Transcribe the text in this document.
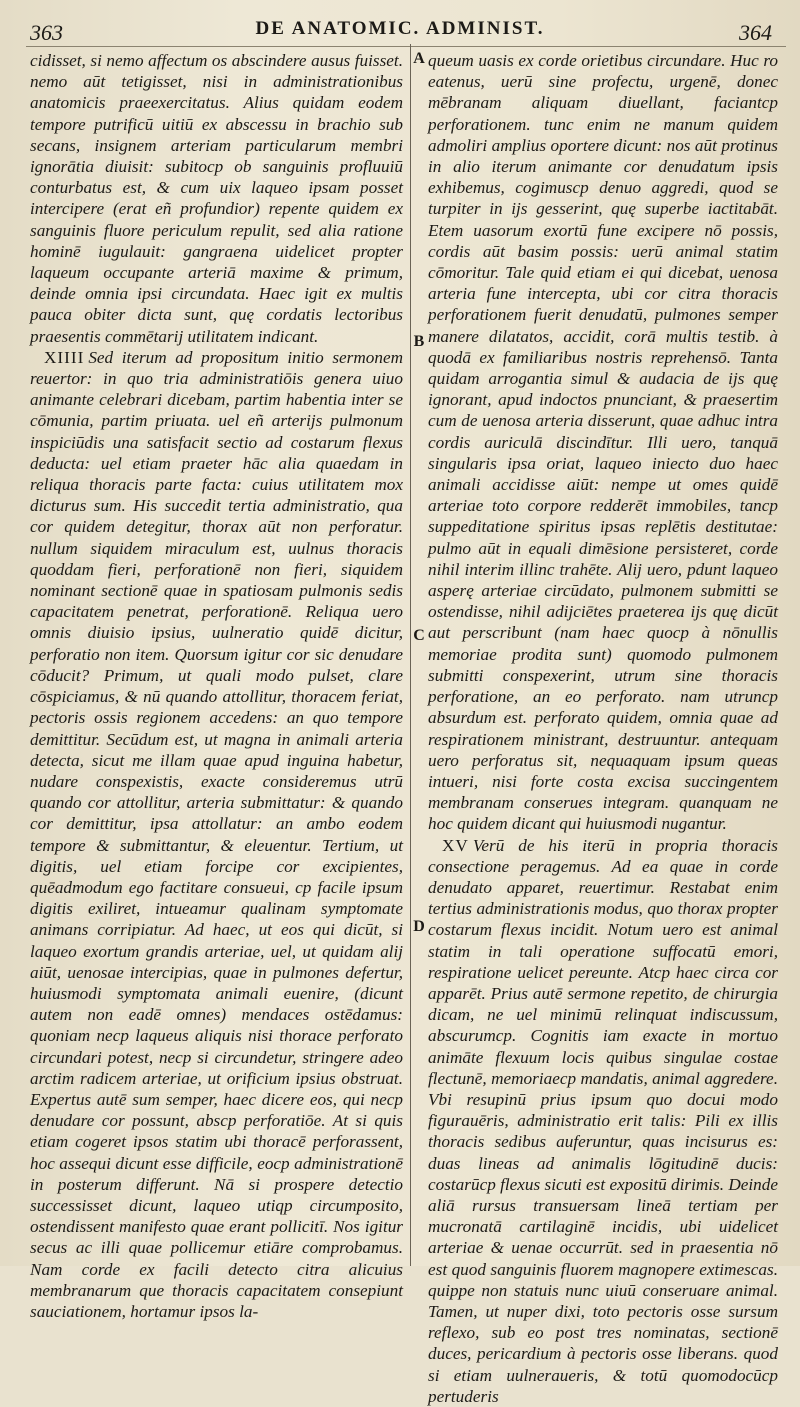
363	DE ANATOMIC. ADMINIST.	364
A
B
C
D

cidisset, si nemo affectum os abscindere ausus fuisset. nemo aūt tetigisset, nisi in administrationibus anatomicis praeexercitatus. Alius quidam eodem tempore putrificū uitiū ex abscessu in brachio sub secans, insignem arteriam particularum membri ignorātia diuisit: subitocp ob sanguinis profluuiū conturbatus est, & cum uix laqueo ipsam posset intercipere (erat eñ profundior) repente quidem ex sanguinis fluore periculum repulit, sed alia ratione hominē iugulauit: gangraena uidelicet propter laqueum occupante arteriā maxime & primum, deinde omnia ipsi circundata. Haec igit ex multis pauca obiter dicta sunt, quę cordatis lectoribus praesentis commētarij utilitatem indicant.

XIIII Sed iterum ad propositum initio sermonem reuertor: in quo tria administratiōis genera uiuo animante celebrari dicebam, partim habentia inter se cōmunia, partim priuata. uel eñ arterijs pulmonum inspiciūdis una satisfacit sectio ad costarum flexus deducta: uel etiam praeter hāc alia quaedam in reliqua thoracis parte facta: cuius utilitatem mox dicturus sum. His succedit tertia administratio, qua cor quidem detegitur, thorax aūt non perforatur. nullum siquidem miraculum est, uulnus thoracis quoddam fieri, perforationē non fieri, siquidem nominant sectionē quae in spatiosam pulmonis sedis capacitatem penetrat, perforationē. Reliqua uero omnis diuisio ipsius, uulneratio quidē dicitur, perforatio non item. Quorsum igitur cor sic denudare cōducit? Primum, ut quali modo pulset, clare cōspiciamus, & nū quando attollitur, thoracem feriat, pectoris ossis regionem accedens: an quo tempore demittitur. Secūdum est, ut magna in animali arteria detecta, sicut me illam quae apud inguina habetur, nudare conspexistis, exacte consideremus utrū quando cor attollitur, arteria submittatur: & quando cor demittitur, ipsa attollatur: an ambo eodem tempore & submittantur, & eleuentur. Tertium, ut digitis, uel etiam forcipe cor excipientes, quēadmodum ego factitare consueui, cp facile ipsum digitis exiliret, intueamur qualinam symptomate animans corripiatur. Ad haec, ut eos qui dicūt, si laqueo exortum grandis arteriae, uel, ut quidam alij aiūt, uenosae intercipias, quae in pulmones defertur, huiusmodi symptomata animali euenire, (dicunt autem non eadē omnes) mendaces ostēdamus: quoniam necp laqueus aliquis nisi thorace perforato circundari potest, necp si circundetur, stringere adeo arctim radicem arteriae, ut orificium ipsius obstruat. Expertus autē sum semper, haec dicere eos, qui necp denudare cor possunt, abscp perforatiōe. At si quis etiam cogeret ipsos statim ubi thoracē perforassent, hoc assequi dicunt esse difficile, eocp administrationē in posterum differunt. Nā si prospere detectio successisset dicunt, laqueo utiqp circumposito, ostendissent manifesto quae erant pollicitī. Nos igitur secus ac illi quae pollicemur etiāre comprobamus. Nam corde ex facili detecto citra alicuius membranarum que thoracis capacitatem consepiunt sauciationem, hortamur ipsos la-

queum uasis ex corde orietibus circundare. Huc ro eatenus, uerū sine profectu, urgenē, donec mēbranam aliquam diuellant, faciantcp perforationem. tunc enim ne manum quidem admoliri amplius oportere dicunt: nos aūt protinus in alio iterum animante cor denudatum ipsis exhibemus, cogimuscp denuo aggredi, quod se turpiter in ijs gesserint, quę superbe iactitabāt. Etem uasorum exortū fune excipere nō possis, cordis aūt basim possis: uerū animal statim cōmoritur. Tale quid etiam ei qui dicebat, uenosa arteria fune intercepta, ubi cor citra thoracis perforationem fuerit denudatū, pulmones semper manere dilatatos, accidit, corā multis testib. à quodā ex familiaribus nostris reprehensō. Tanta quidam arrogantia simul & audacia de ijs quę ignorant, apud indoctos pnunciant, & praesertim cum de uenosa arteria disserunt, quae adhuc intra cordis auriculā discindītur. Illi uero, tanquā singularis ipsa oriat, laqueo iniecto duo haec animali accidisse aiūt: nempe ut omes quidē arteriae toto corpore redderēt immobiles, tancp suppeditatione spiritus ipsas replētis destitutae: pulmo aūt in equali dimēsione persisteret, corde nihil interim illinc trahēte. Alij uero, pdunt laqueo asperę arteriae circūdato, pulmonem submitti se ostendisse, nihil adijciētes praeterea ijs quę dicūt aut perscribunt (nam haec quocp à nōnullis memoriae prodita sunt) quomodo pulmonem submitti conspexerint, utrum sine thoracis perforatione, an eo perforato. nam utruncp absurdum est. perforato quidem, omnia quae ad respirationem ministrant, destruuntur. antequam uero perforatus sit, nequaquam ipsum queas intueri, nisi forte costa excisa succingentem membranam conserues integram. quanquam ne hoc quidem dicant qui huiusmodi nugantur.

XV Verū de his iterū in propria thoracis consectione peragemus. Ad ea quae in corde denudato apparet, reuertimur. Restabat enim tertius administrationis modus, quo thorax propter costarum flexus incidit. Notum uero est animal statim in tali operatione suffocatū emori, respiratione uelicet pereunte. Atcp haec circa cor apparēt. Prius autē sermone repetito, de chirurgia dicam, ne uel minimū relinquat indiscussum, abscurumcp. Cognitis iam exacte in mortuo animāte flexuum locis quibus singulae costae flectunē, memoriaecp mandatis, animal aggredere. Vbi resupinū prius ipsum quo docui modo figurauēris, administratio erit talis: Pili ex illis thoracis sedibus auferuntur, quas incisurus es: duas lineas ad animalis lōgitudinē ducis: costarūcp flexus sicuti est expositū dirimis. Deinde aliā rursus transuersam lineā tertiam per mucronatā cartilaginē incidis, ubi uidelicet arteriae & uenae occurrūt. sed in praesentia nō est quod sanguinis fluorem magnopere extimescas. quippe non statuis nunc uiuū conseruare animal. Tamen, ut nuper dixi, toto pectoris osse sursum reflexo, sub eo post tres nominatas, sectionē duces, pericardium à pectoris osse liberans. quod si etiam uulneraueris, & totū quomodocūcp pertuderis
